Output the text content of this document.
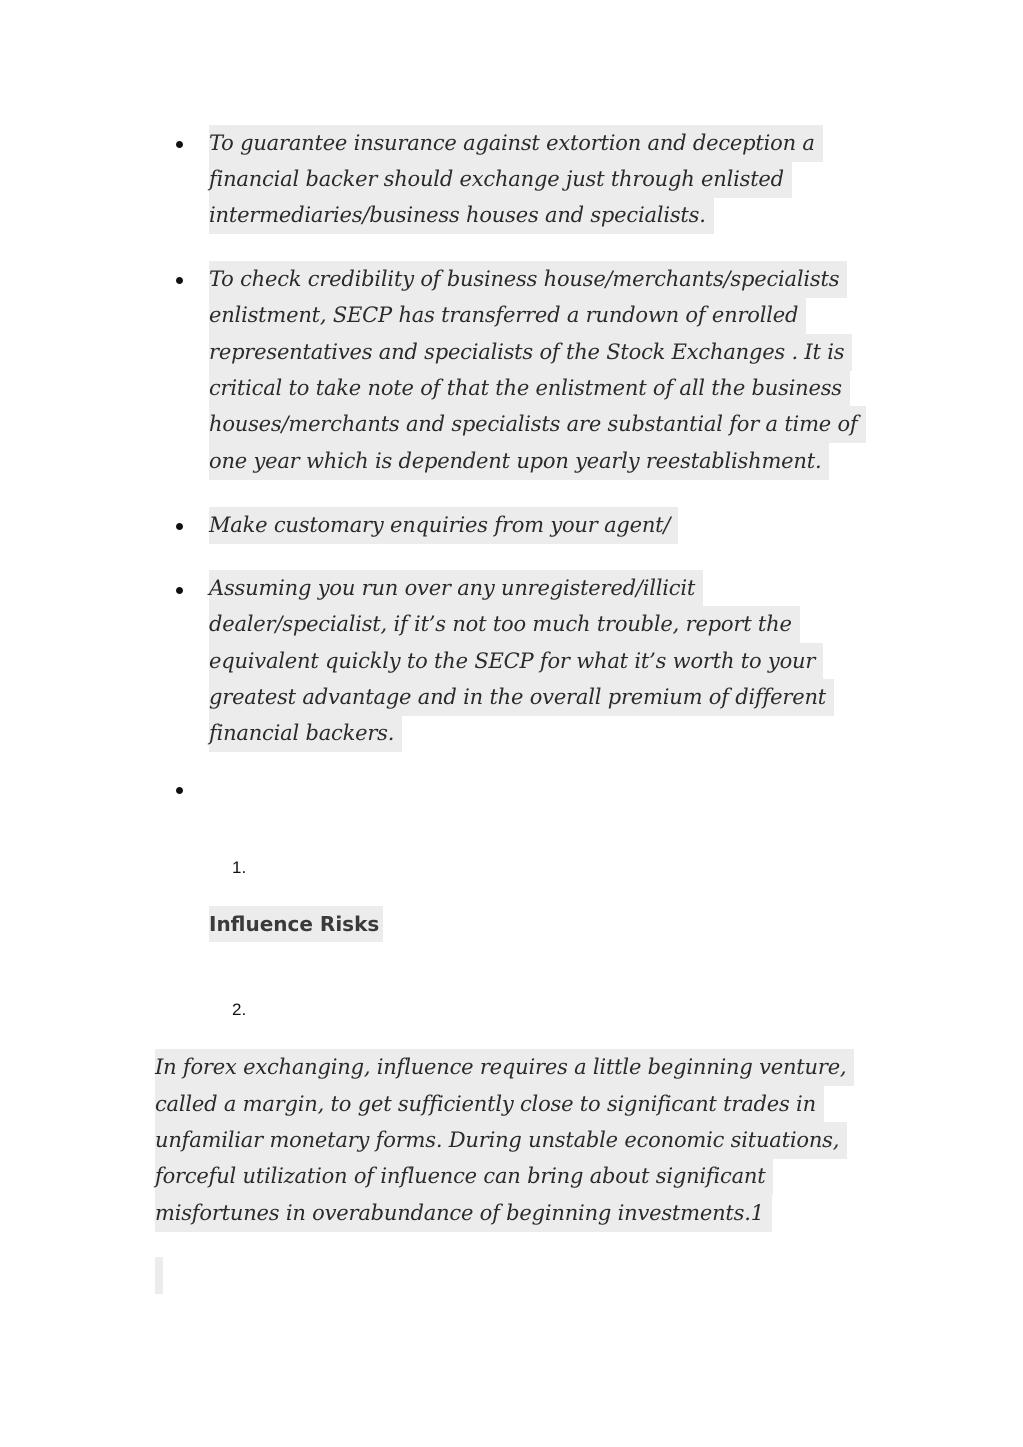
To guarantee insurance against extortion and deception a
financial backer should exchange just through enlisted
intermediaries/business houses and specialists.
To check credibility of business house/merchants/specialists
enlistment, SECP has transferred a rundown of enrolled
representatives and specialists of the Stock Exchanges . It is
critical to take note of that the enlistment of all the business
houses/merchants and specialists are substantial for a time of
one year which is dependent upon yearly reestablishment.
Make customary enquiries from your agent/
Assuming you run over any unregistered/illicit
dealer/specialist, if it’s not too much trouble, report the
equivalent quickly to the SECP for what it’s worth to your
greatest advantage and in the overall premium of different
financial backers.
1.
Influence Risks
2.
In forex exchanging, influence requires a little beginning venture,
called a margin, to get sufficiently close to significant trades in
unfamiliar monetary forms. During unstable economic situations,
forceful utilization of influence can bring about significant
misfortunes in overabundance of beginning investments.1
